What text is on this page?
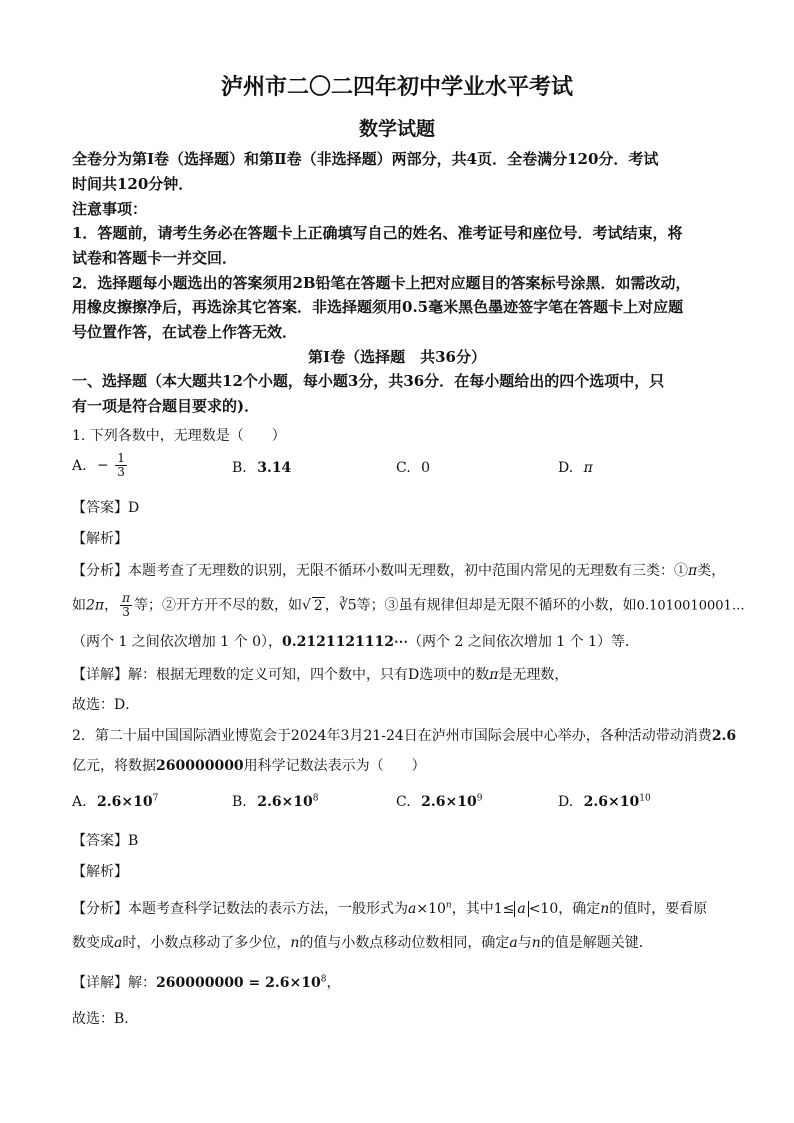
泸州市二〇二四年初中学业水平考试
数学试题
全卷分为第Ⅰ卷（选择题）和第Ⅱ卷（非选择题）两部分，共4页．全卷满分120分．考试
时间共120分钟．
注意事项：
1．答题前，请考生务必在答题卡上正确填写自己的姓名、准考证号和座位号．考试结束，将
试卷和答题卡一并交回．
2．选择题每小题选出的答案须用2B铅笔在答题卡上把对应题目的答案标号涂黑．如需改动，
用橡皮擦擦净后，再选涂其它答案．非选择题须用0.5毫米黑色墨迹签字笔在答题卡上对应题
号位置作答，在试卷上作答无效．
第Ⅰ卷（选择题　共36分）
一、选择题（本大题共12个小题，每小题3分，共36分．在每小题给出的四个选项中，只
有一项是符合题目要求的)．
1. 下列各数中，无理数是（　　）
A. − $\frac{1}{3}$	B. 3.14	C. 0	D. π
【答案】D
【解析】
【分析】本题考查了无理数的识别，无限不循环小数叫无理数，初中范围内常见的无理数有三类：①π类，
如2π， $\frac{\pi}{3}$ 等；②开方开不尽的数，如√ 2 ，∛5等；③虽有规律但却是无限不循环的小数，如0.1010010001…
（两个 1 之间依次增加 1 个 0），0.2121121112⋯（两个 2 之间依次增加 1 个 1）等．
【详解】解：根据无理数的定义可知，四个数中，只有D选项中的数π是无理数，
故选：D．
2．第二十届中国国际酒业博览会于2024年3月21-24日在泸州市国际会展中心举办，各种活动带动消费2.6
亿元，将数据260000000用科学记数法表示为（　　）
A. $2.6\times 10^7$	B. $2.6\times 10^8$	C. $2.6\times 10^9$	D. $2.6\times 10^{10}$
【答案】B
【解析】
【分析】本题考查科学记数法的表示方法，一般形式为$a\times 10^n$，其中1≤ a <10，确定n的值时，要看原
数变成a时，小数点移动了多少位，n的值与小数点移动位数相同，确定a与n的值是解题关键．
【详解】解：$260000000 = 2.6\times 10^8$，
故选：B．
